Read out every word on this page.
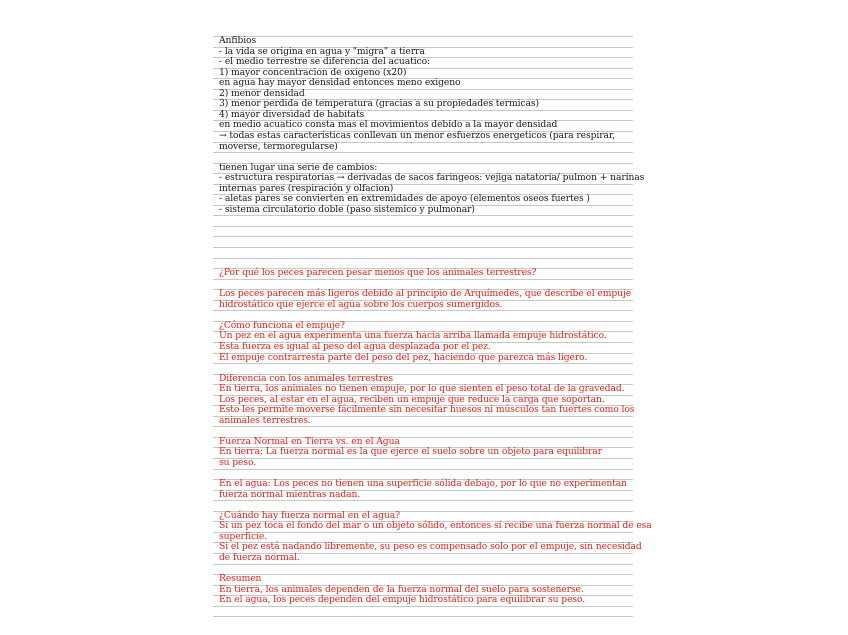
Anfibios
- la vida se origina en agua y "migra" a tierra
- el medio terrestre se diferencia del acuatico:
1) mayor concentracion de oxigeno (x20)
en agua hay mayor densidad entonces meno exigeno
2) menor densidad
3) menor perdida de temperatura (gracias a su propiedades termicas)
4) mayor diversidad de habitats
en medio acuatico consta mas el movimientos debido a la mayor densidad
→ todas estas características conllevan un menor esfuerzos energeticos (para respirar,
moverse, termoregularse)
tienen lugar una serie de cambios:
- estructura respiratorias → derivadas de sacos faringeos: vejiga natatoria/ pulmon + narinas
internas pares (respiración y olfacion)
- aletas pares se convierten en extremidades de apoyo (elementos oseos fuertes )
- sistema circulatorio doble (paso sistemico y pulmonar)
¿Por qué los peces parecen pesar menos que los animales terrestres?
Los peces parecen más ligeros debido al principio de Arquímedes, que describe el empuje
hidrostático que ejerce el agua sobre los cuerpos sumergidos.
¿Cómo funciona el empuje?
Un pez en el agua experimenta una fuerza hacia arriba llamada empuje hidrostático.
Esta fuerza es igual al peso del agua desplazada por el pez.
El empuje contrarresta parte del peso del pez, haciendo que parezca más ligero.
Diferencia con los animales terrestres
En tierra, los animales no tienen empuje, por lo que sienten el peso total de la gravedad.
Los peces, al estar en el agua, reciben un empuje que reduce la carga que soportan.
Esto les permite moverse fácilmente sin necesitar huesos ni músculos tan fuertes como los
animales terrestres.
Fuerza Normal en Tierra vs. en el Agua
En tierra: La fuerza normal es la que ejerce el suelo sobre un objeto para equilibrar
su peso.
En el agua: Los peces no tienen una superficie sólida debajo, por lo que no experimentan
fuerza normal mientras nadan.
¿Cuándo hay fuerza normal en el agua?
Si un pez toca el fondo del mar o un objeto sólido, entonces sí recibe una fuerza normal de esa
superficie.
Si el pez está nadando libremente, su peso es compensado solo por el empuje, sin necesidad
de fuerza normal.
Resumen
En tierra, los animales dependen de la fuerza normal del suelo para sostenerse.
En el agua, los peces dependen del empuje hidrostático para equilibrar su peso.
